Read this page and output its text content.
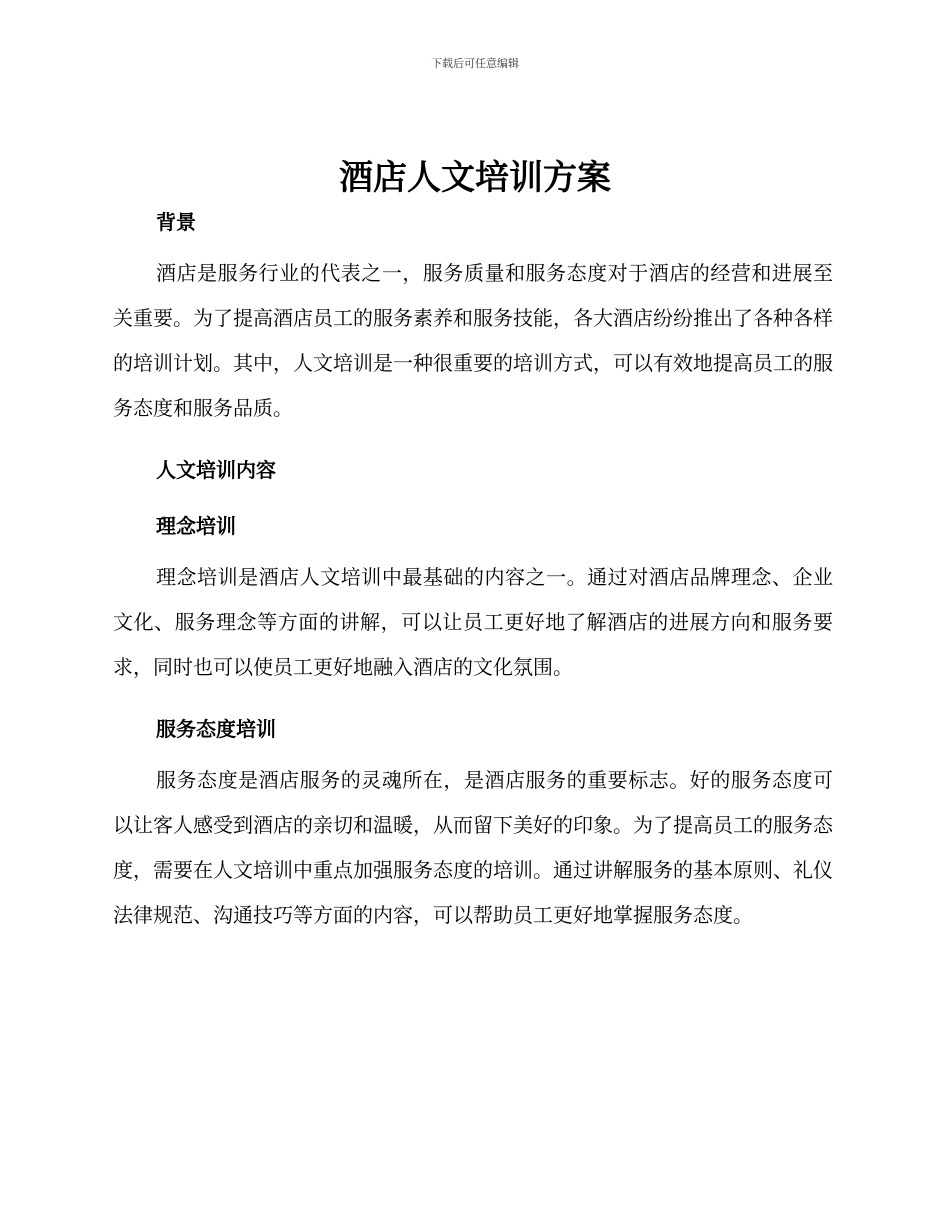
下载后可任意编辑
酒店人文培训方案

背景

酒店是服务行业的代表之一，服务质量和服务态度对于酒店的经营和进展至关重要。为了提高酒店员工的服务素养和服务技能，各大酒店纷纷推出了各种各样的培训计划。其中，人文培训是一种很重要的培训方式，可以有效地提高员工的服务态度和服务品质。

人文培训内容

理念培训

理念培训是酒店人文培训中最基础的内容之一。通过对酒店品牌理念、企业文化、服务理念等方面的讲解，可以让员工更好地了解酒店的进展方向和服务要求，同时也可以使员工更好地融入酒店的文化氛围。

服务态度培训

服务态度是酒店服务的灵魂所在，是酒店服务的重要标志。好的服务态度可以让客人感受到酒店的亲切和温暖，从而留下美好的印象。为了提高员工的服务态度，需要在人文培训中重点加强服务态度的培训。通过讲解服务的基本原则、礼仪法律规范、沟通技巧等方面的内容，可以帮助员工更好地掌握服务态度。
